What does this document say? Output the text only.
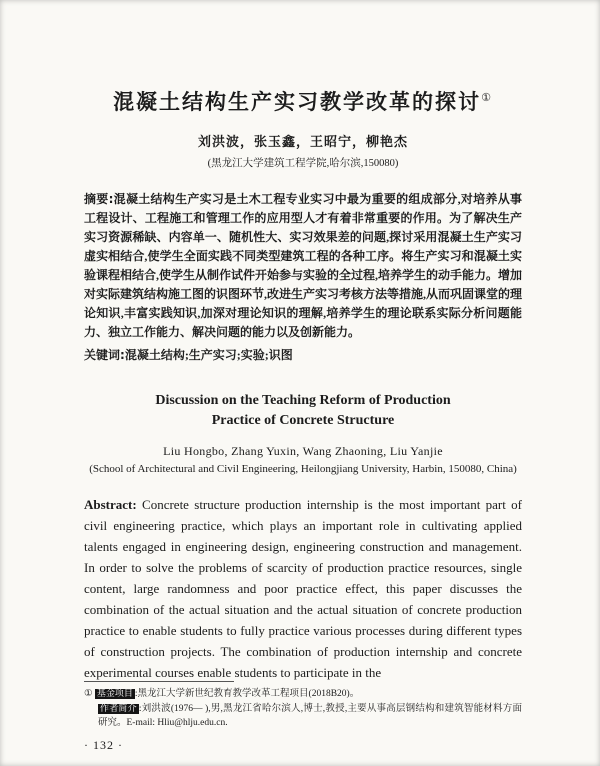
混凝土结构生产实习教学改革的探讨①
刘洪波，张玉鑫，王昭宁，柳艳杰
(黑龙江大学建筑工程学院,哈尔滨,150080)
摘要:混凝土结构生产实习是土木工程专业实习中最为重要的组成部分,对培养从事工程设计、工程施工和管理工作的应用型人才有着非常重要的作用。为了解决生产实习资源稀缺、内容单一、随机性大、实习效果差的问题,探讨采用混凝土生产实习虚实相结合,使学生全面实践不同类型建筑工程的各种工序。将生产实习和混凝土实验课程相结合,使学生从制作试件开始参与实验的全过程,培养学生的动手能力。增加对实际建筑结构施工图的识图环节,改进生产实习考核方法等措施,从而巩固课堂的理论知识,丰富实践知识,加深对理论知识的理解,培养学生的理论联系实际分析问题能力、独立工作能力、解决问题的能力以及创新能力。
关键词:混凝土结构;生产实习;实验;识图
Discussion on the Teaching Reform of Production Practice of Concrete Structure
Liu Hongbo, Zhang Yuxin, Wang Zhaoning, Liu Yanjie
(School of Architectural and Civil Engineering, Heilongjiang University, Harbin, 150080, China)
Abstract: Concrete structure production internship is the most important part of civil engineering practice, which plays an important role in cultivating applied talents engaged in engineering design, engineering construction and management. In order to solve the problems of scarcity of production practice resources, single content, large randomness and poor practice effect, this paper discusses the combination of the actual situation and the actual situation of concrete production practice to enable students to fully practice various processes during different types of construction projects. The combination of production internship and concrete experimental courses enable students to participate in the

① 基金项目 :黑龙江大学新世纪教育教学改革工程项目(2018B20)。

作者简介 :刘洪波(1976— ),男,黑龙江省哈尔滨人,博士,教授,主要从事高层钢结构和建筑智能材料方面研究。E-mail: Hliu@hlju.edu.cn.

· 132 ·
